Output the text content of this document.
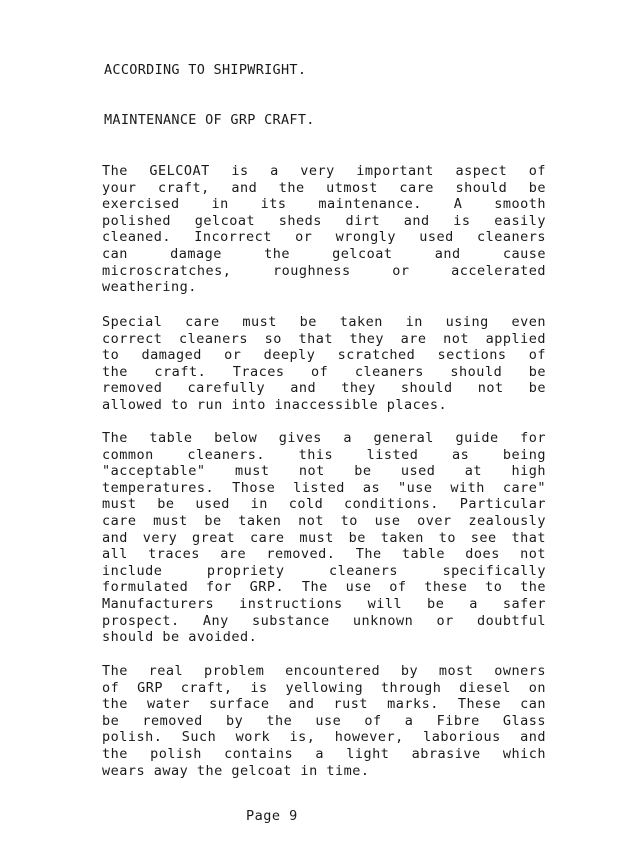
ACCORDING TO SHIPWRIGHT.
MAINTENANCE OF GRP CRAFT.
The GELCOAT is a very important aspect of
your craft, and the utmost care should be
exercised in its maintenance. A smooth
polished gelcoat sheds dirt and is easily
cleaned. Incorrect or wrongly used cleaners
can damage the gelcoat and cause
microscratches, roughness or accelerated
weathering.
Special care must be taken in using even
correct cleaners so that they are not applied
to damaged or deeply scratched sections of
the craft. Traces of cleaners should be
removed carefully and they should not be
allowed to run into inaccessible places.
The table below gives a general guide for
common cleaners. this listed as being
"acceptable" must not be used at high
temperatures. Those listed as "use with care"
must be used in cold conditions. Particular
care must be taken not to use over zealously
and very great care must be taken to see that
all traces are removed. The table does not
include propriety cleaners specifically
formulated for GRP. The use of these to the
Manufacturers instructions will be a safer
prospect. Any substance unknown or doubtful
should be avoided.
The real problem encountered by most owners
of GRP craft, is yellowing through diesel on
the water surface and rust marks. These can
be removed by the use of a Fibre Glass
polish. Such work is, however, laborious and
the polish contains a light abrasive which
wears away the gelcoat in time.
Page 9
